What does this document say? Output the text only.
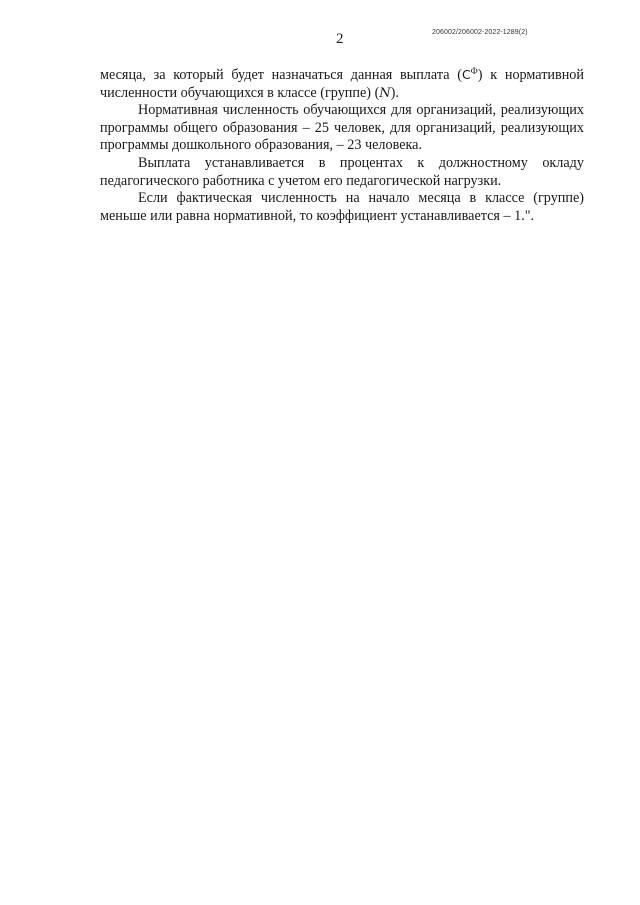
2	206002/206002-2022-1289(2)

месяца, за который будет назначаться данная выплата $(С^Ф)$ к нормативной численности обучающихся в классе (группе) (N).

Нормативная численность обучающихся для организаций, реализующих программы общего образования – 25 человек, для организаций, реализующих программы дошкольного образования, – 23 человека.

Выплата устанавливается в процентах к должностному окладу педагогического работника с учетом его педагогической нагрузки.

Если фактическая численность на начало месяца в классе (группе) меньше или равна нормативной, то коэффициент устанавливается – 1.".
